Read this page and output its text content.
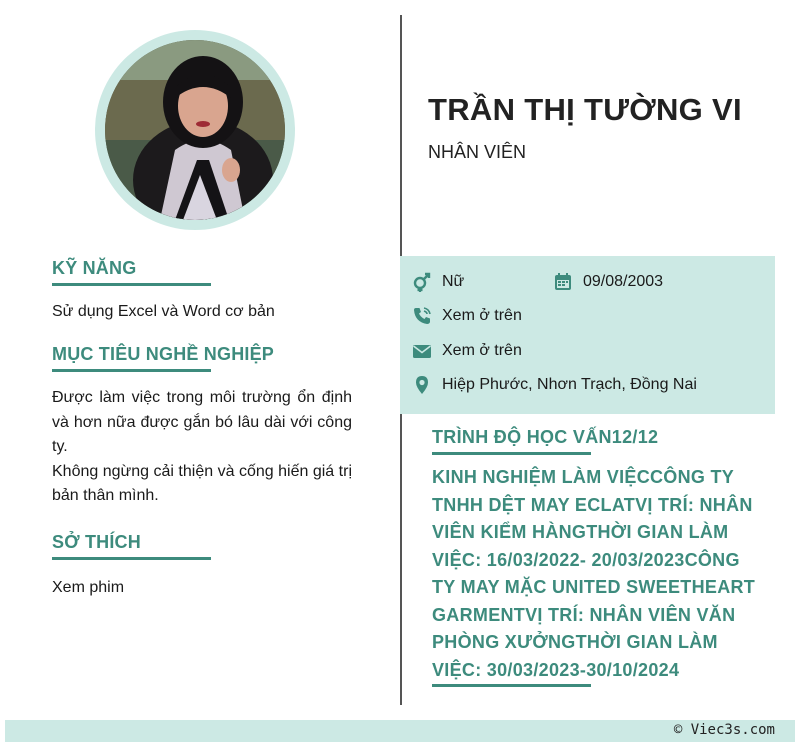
KỸ NĂNG
Sử dụng Excel và Word cơ bản
MỤC TIÊU NGHỀ NGHIỆP
Được làm việc trong môi trường ổn định và hơn nữa được gắn bó lâu dài với công ty.
Không ngừng cải thiện và cống hiến giá trị bản thân mình.
SỞ THÍCH
Xem phim
TRẦN THỊ TƯỜNG VI
NHÂN VIÊN
Nữ	09/08/2003
Xem ở trên
Xem ở trên
Hiệp Phước, Nhơn Trạch, Đồng Nai
TRÌNH ĐỘ HỌC VẤN12/12
KINH NGHIỆM LÀM VIỆCCÔNG TY TNHH DỆT MAY ECLATVỊ TRÍ: NHÂN VIÊN KIỂM HÀNGTHỜI GIAN LÀM VIỆC: 16/03/2022- 20/03/2023CÔNG TY MAY MẶC UNITED SWEETHEART GARMENTVỊ TRÍ: NHÂN VIÊN VĂN PHÒNG XƯỞNGTHỜI GIAN LÀM VIỆC: 30/03/2023-30/10/2024
© Viec3s.com
